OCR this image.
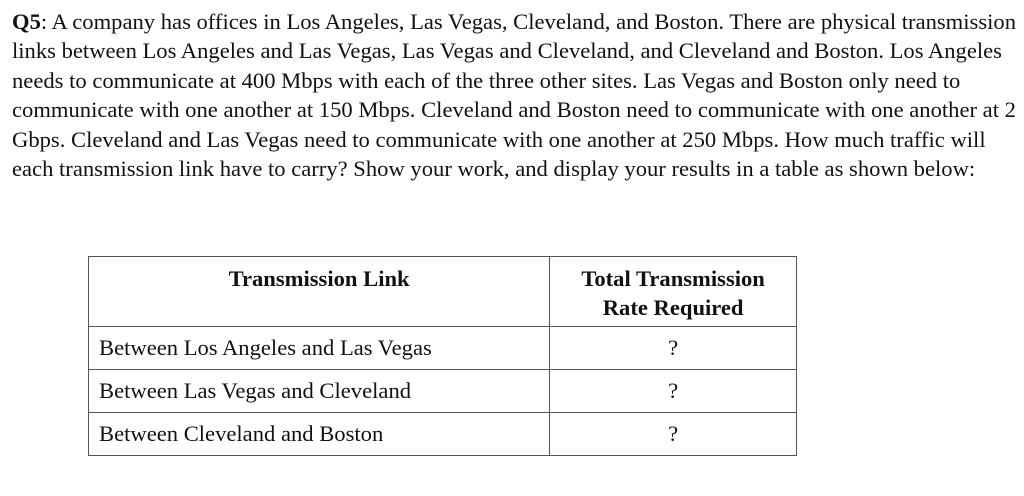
Q5: A company has offices in Los Angeles, Las Vegas, Cleveland, and Boston. There are physical transmission links between Los Angeles and Las Vegas, Las Vegas and Cleveland, and Cleveland and Boston. Los Angeles needs to communicate at 400 Mbps with each of the three other sites. Las Vegas and Boston only need to communicate with one another at 150 Mbps. Cleveland and Boston need to communicate with one another at 2 Gbps. Cleveland and Las Vegas need to communicate with one another at 250 Mbps. How much traffic will each transmission link have to carry? Show your work, and display your results in a table as shown below:

Transmission Link	Total Transmission Rate Required
Between Los Angeles and Las Vegas	?
Between Las Vegas and Cleveland	?
Between Cleveland and Boston	?
